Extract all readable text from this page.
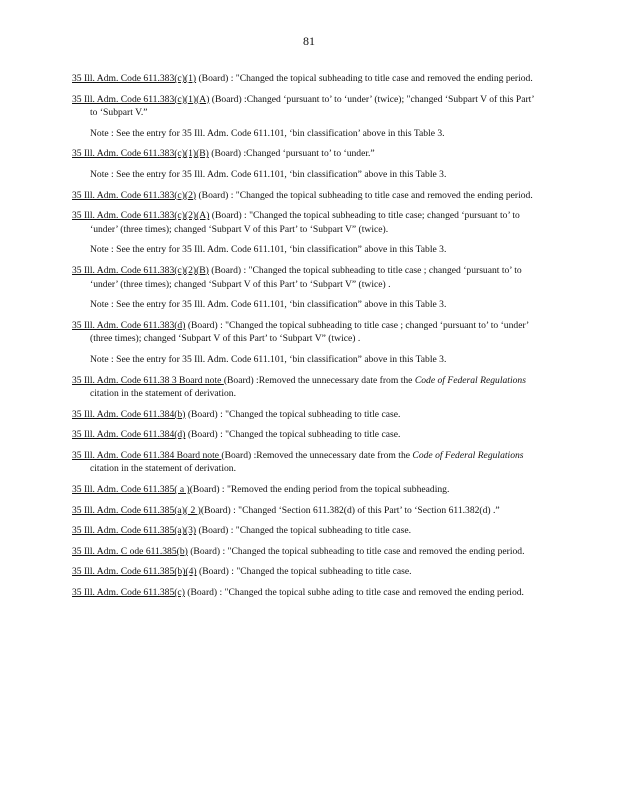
81

35 Ill. Adm. Code 611.383(c)(1) (Board) : "Changed the topical subheading to title case and removed the ending period.

35 Ill. Adm. Code 611.383(c)(1)(A) (Board) :Changed ‘pursuant to’ to ‘under’ (twice); "changed ‘Subpart V of this Part’ to ‘Subpart V.”

Note : See the entry for 35 Ill. Adm. Code 611.101, ‘bin classification’ above in this Table 3.

35 Ill. Adm. Code 611.383(c)(1)(B) (Board) :Changed ‘pursuant to’ to ‘under.”

Note : See the entry for 35 Ill. Adm. Code 611.101, ‘bin classification” above in this Table 3.

35 Ill. Adm. Code 611.383(c)(2) (Board) : "Changed the topical subheading to title case and removed the ending period.

35 Ill. Adm. Code 611.383(c)(2)(A) (Board) : "Changed the topical subheading to title case; changed ‘pursuant to’ to ‘under’ (three times); changed ‘Subpart V of this Part’ to ‘Subpart V” (twice).

Note : See the entry for 35 Ill. Adm. Code 611.101, ‘bin classification” above in this Table 3.

35 Ill. Adm. Code 611.383(c)(2)(B) (Board) : "Changed the topical subheading to title case ; changed ‘pursuant to’ to ‘under’ (three times); changed ‘Subpart V of this Part’ to ‘Subpart V” (twice) .

Note : See the entry for 35 Ill. Adm. Code 611.101, ‘bin classification” above in this Table 3.

35 Ill. Adm. Code 611.383(d) (Board) : "Changed the topical subheading to title case ; changed ‘pursuant to’ to ‘under’ (three times); changed ‘Subpart V of this Part’ to ‘Subpart V” (twice) .

Note : See the entry for 35 Ill. Adm. Code 611.101, ‘bin classification” above in this Table 3.

35 Ill. Adm. Code 611.38 3 Board note (Board) :Removed the unnecessary date from the Code of Federal Regulations citation in the statement of derivation.

35 Ill. Adm. Code 611.384(b) (Board) : "Changed the topical subheading to title case.

35 Ill. Adm. Code 611.384(d) (Board) : "Changed the topical subheading to title case.

35 Ill. Adm. Code 611.384 Board note (Board) :Removed the unnecessary date from the Code of Federal Regulations citation in the statement of derivation.

35 Ill. Adm. Code 611.385( a )(Board) : "Removed the ending period from the topical subheading.

35 Ill. Adm. Code 611.385(a)( 2 )(Board) : "Changed ‘Section 611.382(d) of this Part’ to ‘Section 611.382(d) .”

35 Ill. Adm. Code 611.385(a)(3) (Board) : "Changed the topical subheading to title case.

35 Ill. Adm. C ode 611.385(b) (Board) : "Changed the topical subheading to title case and removed the ending period.

35 Ill. Adm. Code 611.385(b)(4) (Board) : "Changed the topical subheading to title case.

35 Ill. Adm. Code 611.385(c) (Board) : "Changed the topical subhe ading to title case and removed the ending period.
